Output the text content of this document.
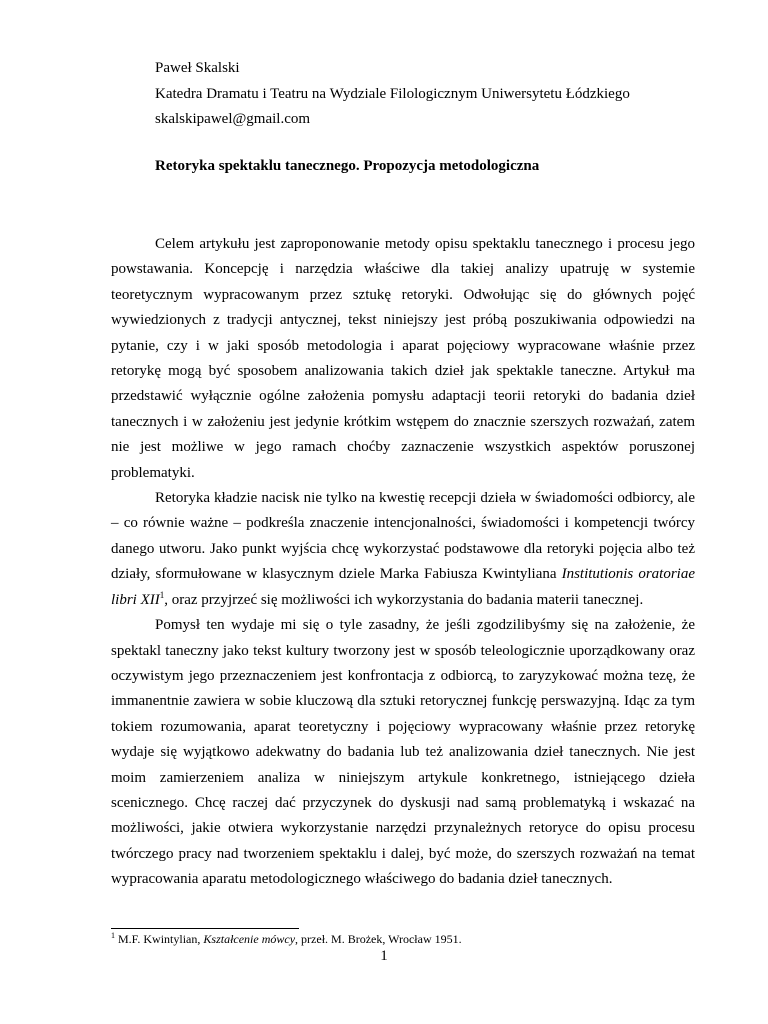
Paweł Skalski
Katedra Dramatu i Teatru na Wydziale Filologicznym Uniwersytetu Łódzkiego
skalskipawel@gmail.com
Retoryka spektaklu tanecznego. Propozycja metodologiczna

Celem artykułu jest zaproponowanie metody opisu spektaklu tanecznego i procesu jego powstawania. Koncepcję i narzędzia właściwe dla takiej analizy upatruję w systemie teoretycznym wypracowanym przez sztukę retoryki. Odwołując się do głównych pojęć wywiedzionych z tradycji antycznej, tekst niniejszy jest próbą poszukiwania odpowiedzi na pytanie, czy i w jaki sposób metodologia i aparat pojęciowy wypracowane właśnie przez retorykę mogą być sposobem analizowania takich dzieł jak spektakle taneczne. Artykuł ma przedstawić wyłącznie ogólne założenia pomysłu adaptacji teorii retoryki do badania dzieł tanecznych i w założeniu jest jedynie krótkim wstępem do znacznie szerszych rozważań, zatem nie jest możliwe w jego ramach choćby zaznaczenie wszystkich aspektów poruszonej problematyki.

Retoryka kładzie nacisk nie tylko na kwestię recepcji dzieła w świadomości odbiorcy, ale – co równie ważne – podkreśla znaczenie intencjonalności, świadomości i kompetencji twórcy danego utworu. Jako punkt wyjścia chcę wykorzystać podstawowe dla retoryki pojęcia albo też działy, sformułowane w klasycznym dziele Marka Fabiusza Kwintyliana Institutionis oratoriae libri XII$^1$, oraz przyjrzeć się możliwości ich wykorzystania do badania materii tanecznej.

Pomysł ten wydaje mi się o tyle zasadny, że jeśli zgodzilibyśmy się na założenie, że spektakl taneczny jako tekst kultury tworzony jest w sposób teleologicznie uporządkowany oraz oczywistym jego przeznaczeniem jest konfrontacja z odbiorcą, to zaryzykować można tezę, że immanentnie zawiera w sobie kluczową dla sztuki retorycznej funkcję perswazyjną. Idąc za tym tokiem rozumowania, aparat teoretyczny i pojęciowy wypracowany właśnie przez retorykę wydaje się wyjątkowo adekwatny do badania lub też analizowania dzieł tanecznych. Nie jest moim zamierzeniem analiza w niniejszym artykule konkretnego, istniejącego dzieła scenicznego. Chcę raczej dać przyczynek do dyskusji nad samą problematyką i wskazać na możliwości, jakie otwiera wykorzystanie narzędzi przynależnych retoryce do opisu procesu twórczego pracy nad tworzeniem spektaklu i dalej, być może, do szerszych rozważań na temat wypracowania aparatu metodologicznego właściwego do badania dzieł tanecznych.

$^1$ M.F. Kwintylian, Kształcenie mówcy, przeł. M. Brożek, Wrocław 1951.
1
